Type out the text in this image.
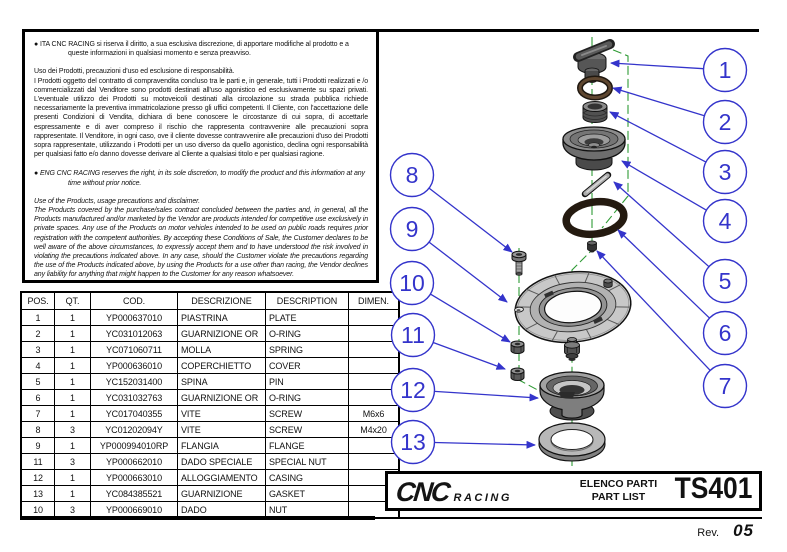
● ITA CNC RACING si riserva il diritto, a sua esclusiva discrezione, di apportare modifiche al prodotto e a queste informazioni in qualsiasi momento e senza preavviso.

Uso dei Prodotti, precauzioni d'uso ed esclusione di responsabilità.

I Prodotti oggetto del contratto di compravendita concluso tra le parti e, in generale, tutti i Prodotti realizzati e /o commercializzati dal Venditore sono prodotti destinati all'uso agonistico ed esclusivamente su spazi privati. L'eventuale utilizzo dei Prodotti su motoveicoli destinati alla circolazione su strada pubblica richiede necessariamente la preventiva immatricolazione presso gli uffici competenti. Il Cliente, con l'accettazione delle presenti Condizioni di Vendita, dichiara di bene conoscere le circostanze di cui sopra, di accettarle espressamente e di aver compreso il rischio che rappresenta contravvenire alle precauzioni sopra rappresentate. Il Venditore, in ogni caso, ove il cliente dovesse contravvenire alle precauzioni d'uso dei Prodotti sopra rappresentate, utilizzando i Prodotti per un uso diverso da quello agonistico, declina ogni responsabilità per qualsiasi fatto e/o danno dovesse derivare al Cliente a qualsiasi titolo e per qualsiasi ragione.

● ENG CNC RACING reserves the right, in its sole discretion, to modify the product and this information at any time without prior notice.

Use of the Products, usage precautions and disclaimer.

The Products covered by the purchase/sales contract concluded between the parties and, in general, all the Products manufactured and/or marketed by the Vendor are products intended for competitive use exclusively in private spaces. Any use of the Products on motor vehicles intended to be used on public roads requires prior registration with the competent authorities. By accepting these Conditions of Sale, the Customer declares to be well aware of the above circumstances, to expressly accept them and to have understood the risk involved in violating the precautions indicated above. In any case, should the Customer violate the precautions regarding the use of the Products indicated above, by using the Products for a use other than racing, the Vendor declines any liability for anything that might happen to the Customer for any reason whatsoever.

POS.	QT.	COD.	DESCRIZIONE	DESCRIPTION	DIMEN.
1	1	YP000637010	PIASTRINA	PLATE	
2	1	YC031012063	GUARNIZIONE OR	O-RING	
3	1	YC071060711	MOLLA	SPRING	
4	1	YP000636010	COPERCHIETTO	COVER	
5	1	YC152031400	SPINA	PIN	
6	1	YC031032763	GUARNIZIONE OR	O-RING	
7	1	YC017040355	VITE	SCREW	M6x6
8	3	YC01202094Y	VITE	SCREW	M4x20
9	1	YP000994010RP	FLANGIA	FLANGE	
11	3	YP000662010	DADO SPECIALE	SPECIAL NUT	
12	1	YP000663010	ALLOGGIAMENTO	CASING	
13	1	YC084385521	GUARNIZIONE	GASKET	
10	3	YP000669010	DADO	NUT	
1
2
3
4
5
6
7
8
9
10
11
12
13
CNC RACING
ELENCO PARTI
PART LIST TS401
Rev. 05
